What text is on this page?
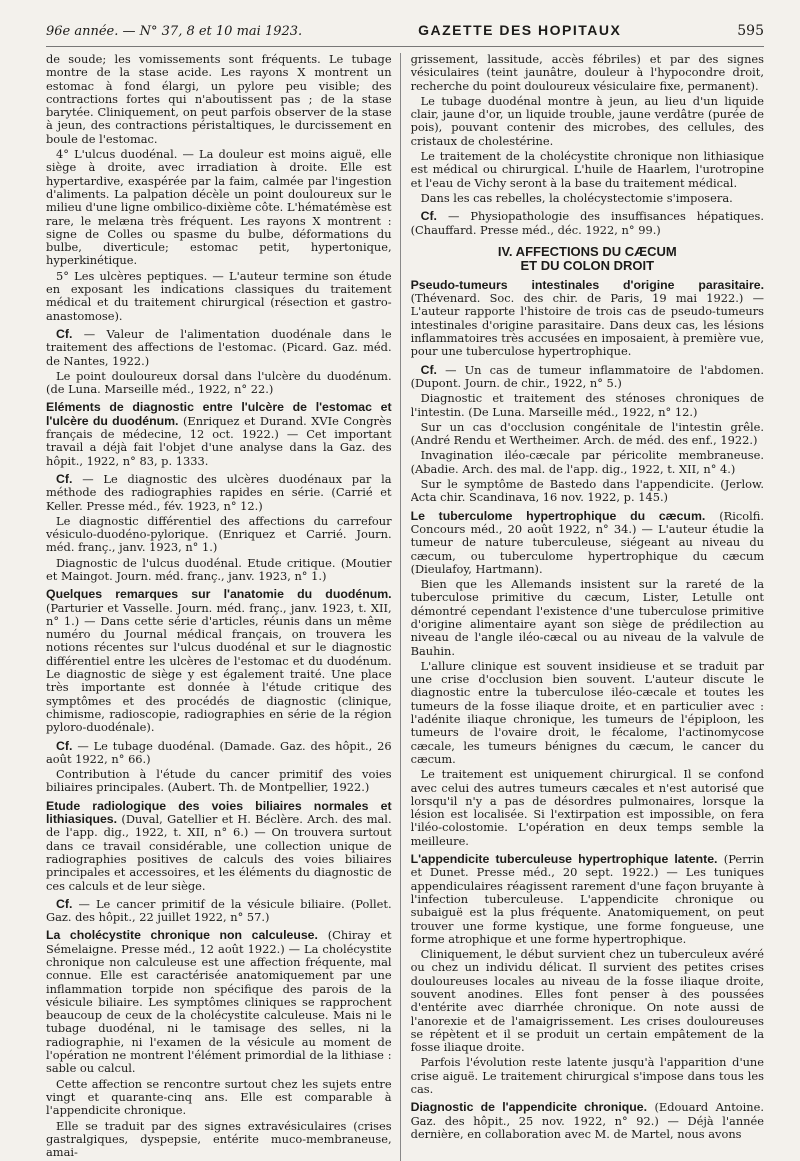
96e année. — N° 37, 8 et 10 mai 1923.	GAZETTE DES HOPITAUX	595

de soude; les vomissements sont fréquents. Le tubage montre de la stase acide. Les rayons X montrent un estomac à fond élargi, un pylore peu visible; des contractions fortes qui n'aboutissent pas ; de la stase barytée. Cliniquement, on peut parfois observer de la stase à jeun, des contractions péristaltiques, le durcissement en boule de l'estomac.

4° L'ulcus duodénal. — La douleur est moins aiguë, elle siège à droite, avec irradiation à droite. Elle est hypertardive, exaspérée par la faim, calmée par l'ingestion d'aliments. La palpation décèle un point douloureux sur le milieu d'une ligne ombilico-dixième côte. L'hématémèse est rare, le melæna très fréquent. Les rayons X montrent : signe de Colles ou spasme du bulbe, déformations du bulbe, diverticule; estomac petit, hypertonique, hyperkinétique.

5° Les ulcères peptiques. — L'auteur termine son étude en exposant les indications classiques du traitement médical et du traitement chirurgical (résection et gastro-anastomose).

Cf. — Valeur de l'alimentation duodénale dans le traitement des affections de l'estomac. (Picard. Gaz. méd. de Nantes, 1922.)

Le point douloureux dorsal dans l'ulcère du duodénum. (de Luna. Marseille méd., 1922, n° 22.)

Eléments de diagnostic entre l'ulcère de l'estomac et l'ulcère du duodénum. (Enriquez et Durand. XVIe Congrès français de médecine, 12 oct. 1922.) — Cet important travail a déjà fait l'objet d'une analyse dans la Gaz. des hôpit., 1922, n° 83, p. 1333.

Cf. — Le diagnostic des ulcères duodénaux par la méthode des radiographies rapides en série. (Carrié et Keller. Presse méd., fév. 1923, n° 12.)

Le diagnostic différentiel des affections du carrefour vésiculo-duodéno-pylorique. (Enriquez et Carrié. Journ. méd. franç., janv. 1923, n° 1.)

Diagnostic de l'ulcus duodénal. Etude critique. (Moutier et Maingot. Journ. méd. franç., janv. 1923, n° 1.)

Quelques remarques sur l'anatomie du duodénum. (Parturier et Vasselle. Journ. méd. franç., janv. 1923, t. XII, n° 1.) — Dans cette série d'articles, réunis dans un même numéro du Journal médical français, on trouvera les notions récentes sur l'ulcus duodénal et sur le diagnostic différentiel entre les ulcères de l'estomac et du duodénum. Le diagnostic de siège y est également traité. Une place très importante est donnée à l'étude critique des symptômes et des procédés de diagnostic (clinique, chimisme, radioscopie, radiographies en série de la région pyloro-duodénale).

Cf. — Le tubage duodénal. (Damade. Gaz. des hôpit., 26 août 1922, n° 66.)

Contribution à l'étude du cancer primitif des voies biliaires principales. (Aubert. Th. de Montpellier, 1922.)

Etude radiologique des voies biliaires normales et lithiasiques. (Duval, Gatellier et H. Béclère. Arch. des mal. de l'app. dig., 1922, t. XII, n° 6.) — On trouvera surtout dans ce travail considérable, une collection unique de radiographies positives de calculs des voies biliaires principales et accessoires, et les éléments du diagnostic de ces calculs et de leur siège.

Cf. — Le cancer primitif de la vésicule biliaire. (Pollet. Gaz. des hôpit., 22 juillet 1922, n° 57.)

La cholécystite chronique non calculeuse. (Chiray et Sémelaigne. Presse méd., 12 août 1922.) — La cholécystite chronique non calculeuse est une affection fréquente, mal connue. Elle est caractérisée anatomiquement par une inflammation torpide non spécifique des parois de la vésicule biliaire. Les symptômes cliniques se rapprochent beaucoup de ceux de la cholécystite calculeuse. Mais ni le tubage duodénal, ni le tamisage des selles, ni la radiographie, ni l'examen de la vésicule au moment de l'opération ne montrent l'élément primordial de la lithiase : sable ou calcul.

Cette affection se rencontre surtout chez les sujets entre vingt et quarante-cinq ans. Elle est comparable à l'appendicite chronique.

Elle se traduit par des signes extravésiculaires (crises gastralgiques, dyspepsie, entérite muco-membraneuse, amai-

grissement, lassitude, accès fébriles) et par des signes vésiculaires (teint jaunâtre, douleur à l'hypocondre droit, recherche du point douloureux vésiculaire fixe, permanent).

Le tubage duodénal montre à jeun, au lieu d'un liquide clair, jaune d'or, un liquide trouble, jaune verdâtre (purée de pois), pouvant contenir des microbes, des cellules, des cristaux de cholestérine.

Le traitement de la cholécystite chronique non lithiasique est médical ou chirurgical. L'huile de Haarlem, l'urotropine et l'eau de Vichy seront à la base du traitement médical.

Dans les cas rebelles, la cholécystectomie s'imposera.

Cf. — Physiopathologie des insuffisances hépatiques. (Chauffard. Presse méd., déc. 1922, n° 99.)

IV. AFFECTIONS DU CÆCUM
ET DU COLON DROIT

Pseudo-tumeurs intestinales d'origine parasitaire. (Thévenard. Soc. des chir. de Paris, 19 mai 1922.) — L'auteur rapporte l'histoire de trois cas de pseudo-tumeurs intestinales d'origine parasitaire. Dans deux cas, les lésions inflammatoires très accusées en imposaient, à première vue, pour une tuberculose hypertrophique.

Cf. — Un cas de tumeur inflammatoire de l'abdomen. (Dupont. Journ. de chir., 1922, n° 5.)

Diagnostic et traitement des sténoses chroniques de l'intestin. (De Luna. Marseille méd., 1922, n° 12.)

Sur un cas d'occlusion congénitale de l'intestin grêle. (André Rendu et Wertheimer. Arch. de méd. des enf., 1922.)

Invagination iléo-cæcale par péricolite membraneuse. (Abadie. Arch. des mal. de l'app. dig., 1922, t. XII, n° 4.)

Sur le symptôme de Bastedo dans l'appendicite. (Jerlow. Acta chir. Scandinava, 16 nov. 1922, p. 145.)

Le tuberculome hypertrophique du cæcum. (Ricolfi. Concours méd., 20 août 1922, n° 34.) — L'auteur étudie la tumeur de nature tuberculeuse, siégeant au niveau du cæcum, ou tuberculome hypertrophique du cæcum (Dieulafoy, Hartmann).

Bien que les Allemands insistent sur la rareté de la tuberculose primitive du cæcum, Lister, Letulle ont démontré cependant l'existence d'une tuberculose primitive d'origine alimentaire ayant son siège de prédilection au niveau de l'angle iléo-cæcal ou au niveau de la valvule de Bauhin.

L'allure clinique est souvent insidieuse et se traduit par une crise d'occlusion bien souvent. L'auteur discute le diagnostic entre la tuberculose iléo-cæcale et toutes les tumeurs de la fosse iliaque droite, et en particulier avec : l'adénite iliaque chronique, les tumeurs de l'épiploon, les tumeurs de l'ovaire droit, le fécalome, l'actinomycose cæcale, les tumeurs bénignes du cæcum, le cancer du cæcum.

Le traitement est uniquement chirurgical. Il se confond avec celui des autres tumeurs cæcales et n'est autorisé que lorsqu'il n'y a pas de désordres pulmonaires, lorsque la lésion est localisée. Si l'extirpation est impossible, on fera l'iléo-colostomie. L'opération en deux temps semble la meilleure.

L'appendicite tuberculeuse hypertrophique latente. (Perrin et Dunet. Presse méd., 20 sept. 1922.) — Les tuniques appendiculaires réagissent rarement d'une façon bruyante à l'infection tuberculeuse. L'appendicite chronique ou subaiguë est la plus fréquente. Anatomiquement, on peut trouver une forme kystique, une forme fongueuse, une forme atrophique et une forme hypertrophique.

Cliniquement, le début survient chez un tuberculeux avéré ou chez un individu délicat. Il survient des petites crises douloureuses locales au niveau de la fosse iliaque droite, souvent anodines. Elles font penser à des poussées d'entérite avec diarrhée chronique. On note aussi de l'anorexie et de l'amaigrissement. Les crises douloureuses se répètent et il se produit un certain empâtement de la fosse iliaque droite.

Parfois l'évolution reste latente jusqu'à l'apparition d'une crise aiguë. Le traitement chirurgical s'impose dans tous les cas.

Diagnostic de l'appendicite chronique. (Edouard Antoine. Gaz. des hôpit., 25 nov. 1922, n° 92.) — Déjà l'année dernière, en collaboration avec M. de Martel, nous avons
